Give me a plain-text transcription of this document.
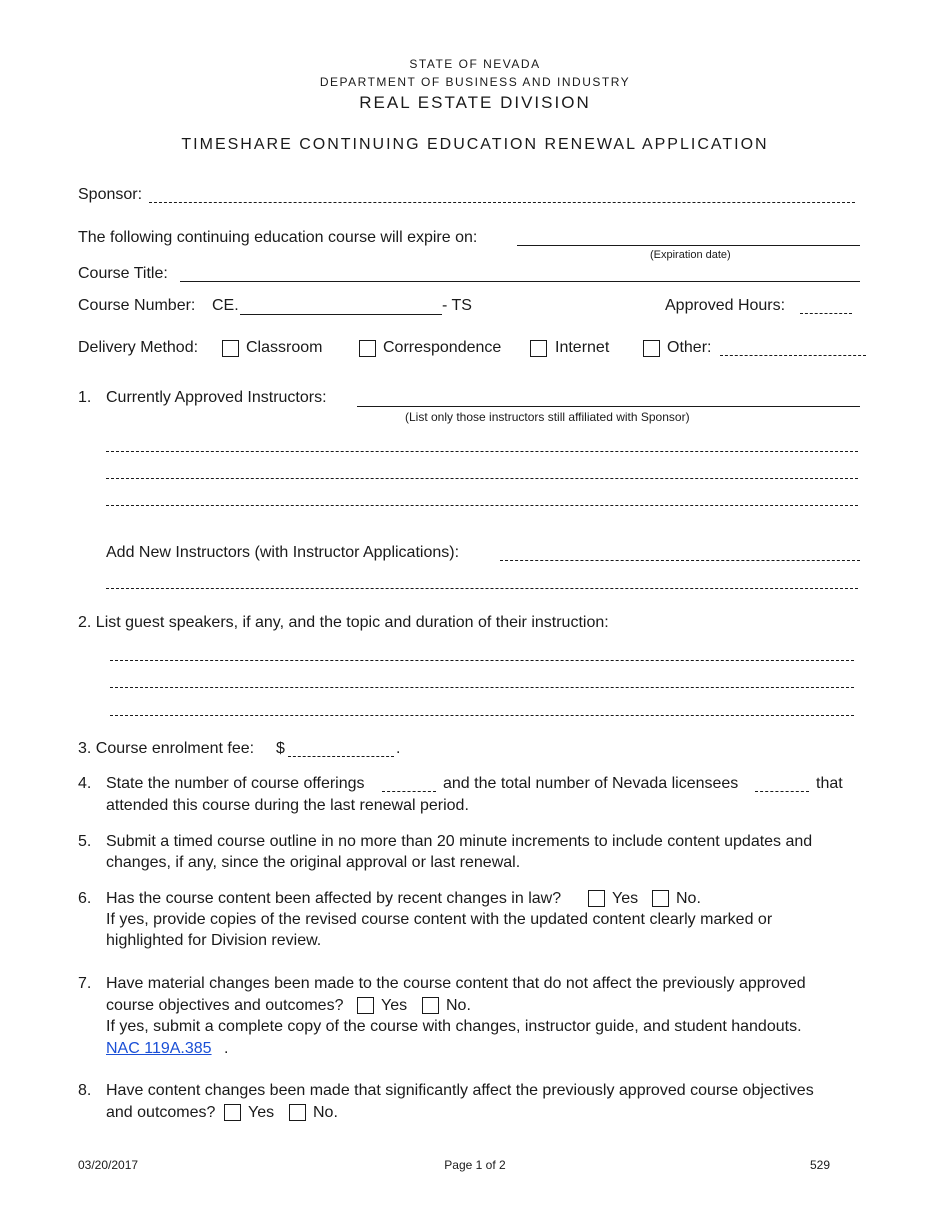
STATE OF NEVADA
DEPARTMENT OF BUSINESS AND INDUSTRY
REAL ESTATE DIVISION
TIMESHARE CONTINUING EDUCATION RENEWAL APPLICATION
Sponsor:
The following continuing education course will expire on:
(Expiration date)
Course Title:
Course Number: CE.	- TS	Approved Hours:
Delivery Method:	Classroom	Correspondence	Internet	Other:
1. Currently Approved Instructors:
(List only those instructors still affiliated with Sponsor)
Add New Instructors (with Instructor Applications):
2. List guest speakers, if any, and the topic and duration of their instruction:
3. Course enrolment fee: $	.
4. State the number of course offerings	and the total number of Nevada licensees	that
attended this course during the last renewal period.
5. Submit a timed course outline in no more than 20 minute increments to include content updates and
changes, if any, since the original approval or last renewal.
6. Has the course content been affected by recent changes in law?	Yes No.
If yes, provide copies of the revised course content with the updated content clearly marked or
highlighted for Division review.
7. Have material changes been made to the course content that do not affect the previously approved
course objectives and outcomes? Yes No.
If yes, submit a complete copy of the course with changes, instructor guide, and student handouts.
NAC 119A.385 .
8. Have content changes been made that significantly affect the previously approved course objectives
and outcomes? Yes No.
03/20/2017	Page 1 of 2	529
